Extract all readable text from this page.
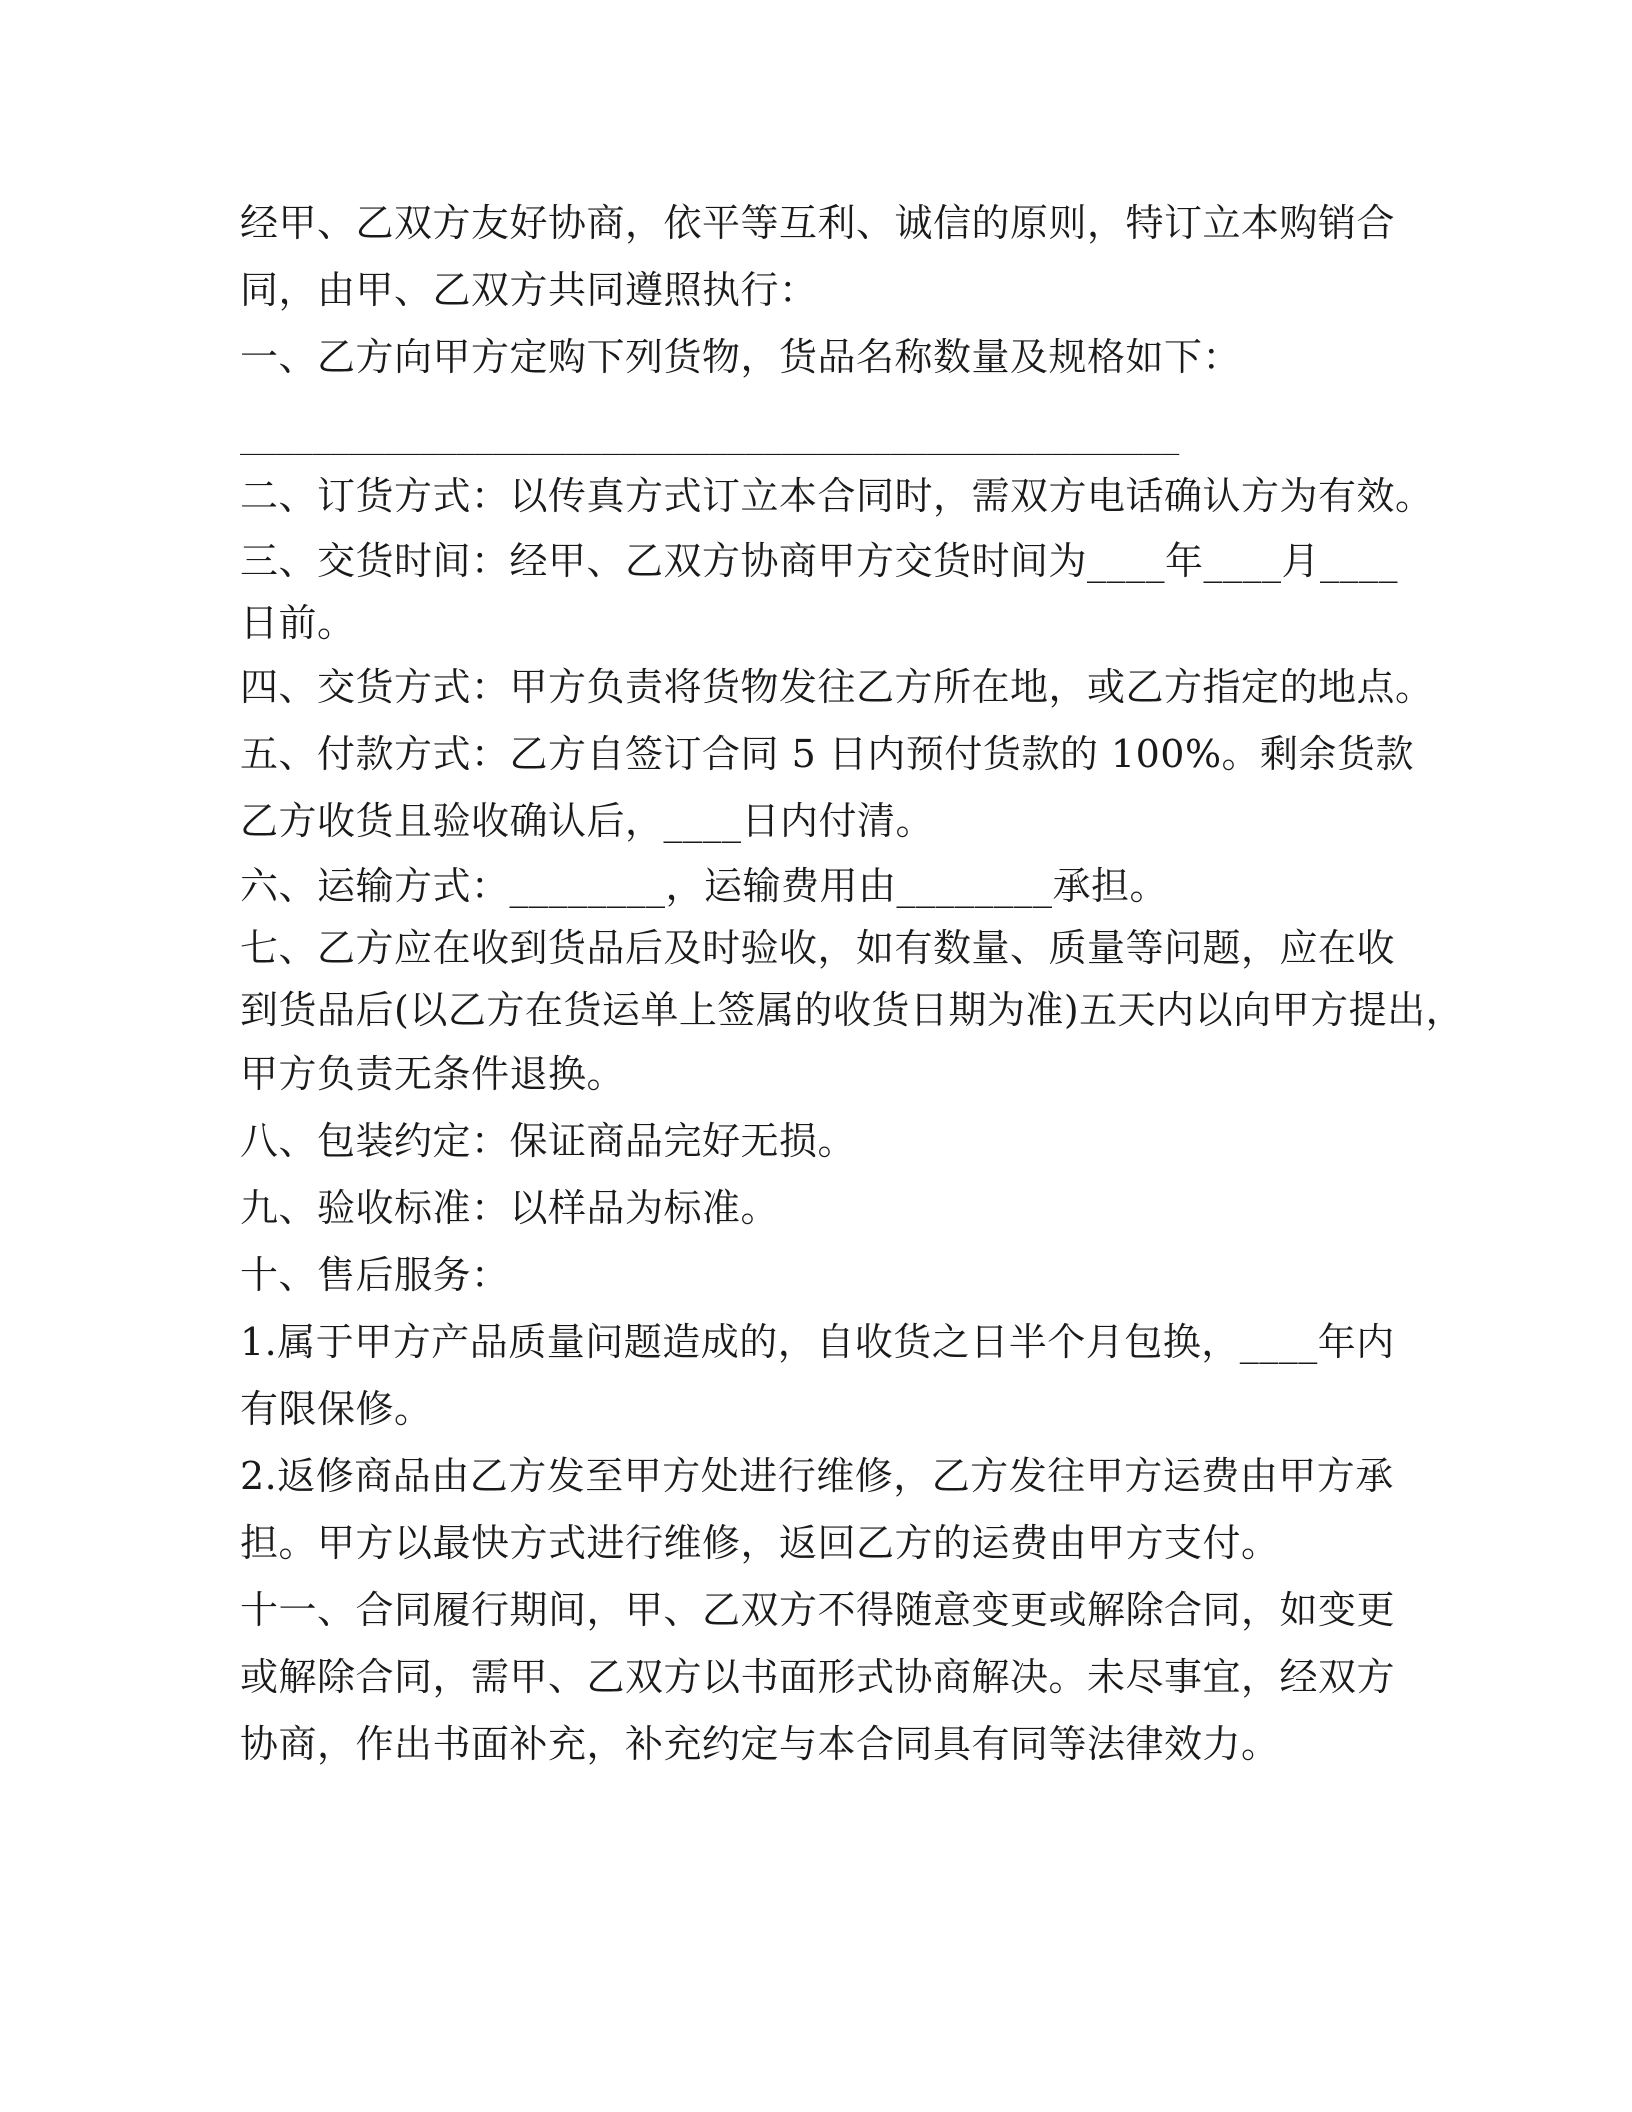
经甲、乙双方友好协商，依平等互利、诚信的原则，特订立本购销合
同，由甲、乙双方共同遵照执行：
一、乙方向甲方定购下列货物，货品名称数量及规格如下：
____________________________________________________
二、订货方式：以传真方式订立本合同时，需双方电话确认方为有效。
三、交货时间：经甲、乙双方协商甲方交货时间为____年____月____
日前。
四、交货方式：甲方负责将货物发往乙方所在地，或乙方指定的地点。
五、付款方式：乙方自签订合同 5 日内预付货款的 100%。剩余货款
乙方收货且验收确认后，____日内付清。
六、运输方式：________，运输费用由________承担。
七、乙方应在收到货品后及时验收，如有数量、质量等问题，应在收
到货品后(以乙方在货运单上签属的收货日期为准)五天内以向甲方提出，
甲方负责无条件退换。
八、包装约定：保证商品完好无损。
九、验收标准：以样品为标准。
十、售后服务：
1.属于甲方产品质量问题造成的，自收货之日半个月包换，____年内
有限保修。
2.返修商品由乙方发至甲方处进行维修，乙方发往甲方运费由甲方承
担。甲方以最快方式进行维修，返回乙方的运费由甲方支付。
十一、合同履行期间，甲、乙双方不得随意变更或解除合同，如变更
或解除合同，需甲、乙双方以书面形式协商解决。未尽事宜，经双方
协商，作出书面补充，补充约定与本合同具有同等法律效力。
